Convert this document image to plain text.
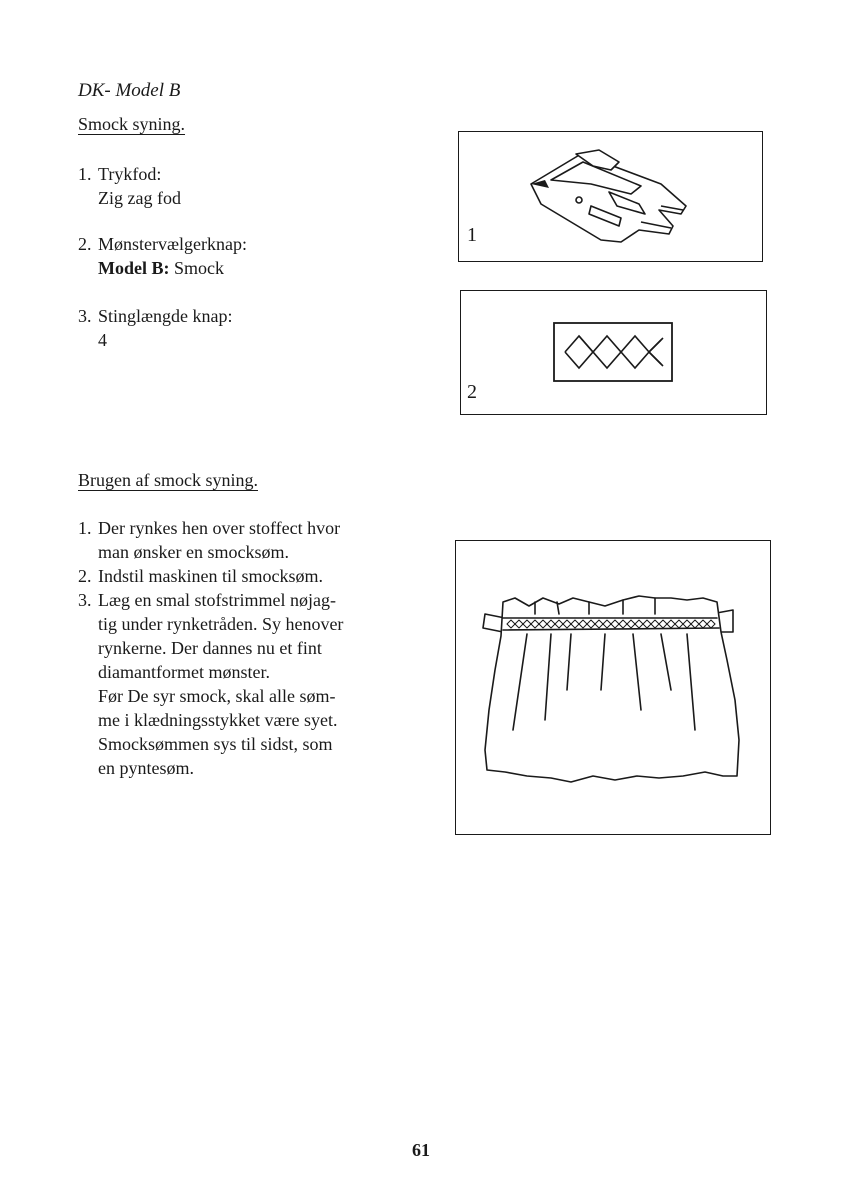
DK- Model B
Smock syning.
1. Trykfod:
Zig zag fod
2. Mønstervælgerknap:
Model B: Smock
3. Stinglængde knap:
4
1
2
Brugen af smock syning.
1. Der rynkes hen over stoffect hvor
man ønsker en smocksøm.
2. Indstil maskinen til smocksøm.
3. Læg en smal stofstrimmel nøjag-
tig under rynketråden. Sy henover
rynkerne. Der dannes nu et fint
diamantformet mønster.
Før De syr smock, skal alle søm-
me i klædningsstykket være syet.
Smocksømmen sys til sidst, som
en pyntesøm.
61
